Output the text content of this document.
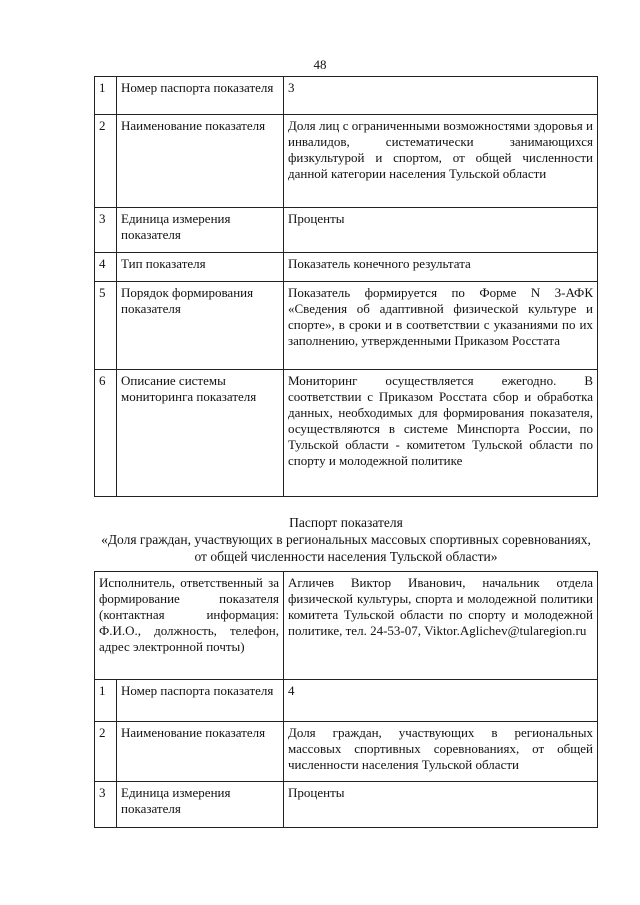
48
1	Номер паспорта показателя	3
2	Наименование показателя	Доля лиц с ограниченными возможностями здоровья и инвалидов, систематически занимающихся физкультурой и спортом, от общей численности данной категории населения Тульской области
3	Единица измерения показателя	Проценты
4	Тип показателя	Показатель конечного результата
5	Порядок формирования показателя	Показатель формируется по Форме N 3-АФК «Сведения об адаптивной физической культуре и спорте», в сроки и в соответствии с указаниями по их заполнению, утвержденными Приказом Росстата
6	Описание системы мониторинга показателя	Мониторинг осуществляется ежегодно. В соответствии с Приказом Росстата сбор и обработка данных, необходимых для формирования показателя, осуществляются в системе Минспорта России, по Тульской области - комитетом Тульской области по спорту и молодежной политике
Паспорт показателя
«Доля граждан, участвующих в региональных массовых спортивных соревнованиях, от общей численности населения Тульской области»
Исполнитель, ответственный за формирование показателя (контактная информация: Ф.И.О., должность, телефон, адрес электронной почты)		Агличев Виктор Иванович, начальник отдела физической культуры, спорта и молодежной политики комитета Тульской области по спорту и молодежной политике, тел. 24-53-07, Viktor.Aglichev@tularegion.ru
1	Номер паспорта показателя	4
2	Наименование показателя	Доля граждан, участвующих в региональных массовых спортивных соревнованиях, от общей численности населения Тульской области
3	Единица измерения показателя	Проценты
